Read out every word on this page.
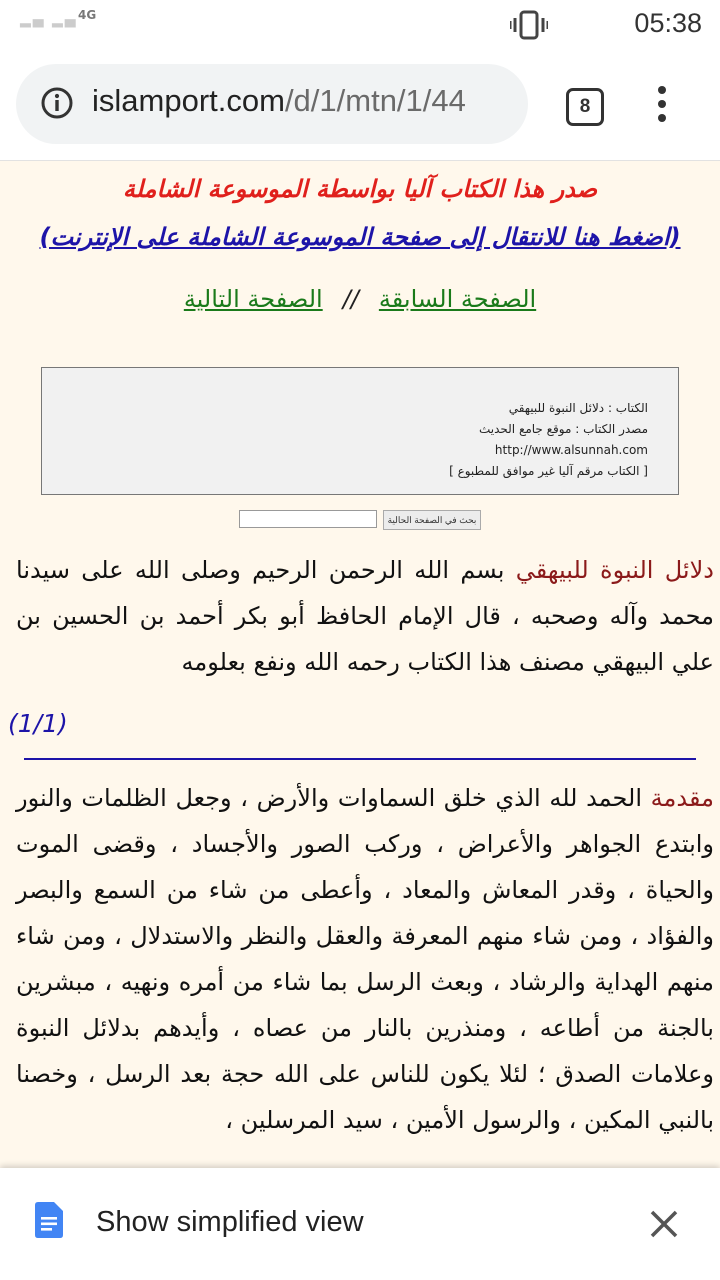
▂▄ ▂▄ 4G	05:38
islamport.com/d/1/mtn/1/44	8
صدر هذا الكتاب آليا بواسطة الموسوعة الشاملة
(اضغط هنا للانتقال إلى صفحة الموسوعة الشاملة على الإنترنت)
الصفحة السابقة//الصفحة التالية
الكتاب : دلائل النبوة للبيهقي
مصدر الكتاب : موقع جامع الحديث
http://www.alsunnah.com
[ الكتاب مرقم آليا غير موافق للمطبوع ]
بحث في الصفحة الحالية
دلائل النبوة للبيهقي بسم الله الرحمن الرحيم وصلى الله على سيدنا محمد وآله وصحبه ، قال الإمام الحافظ أبو بكر أحمد بن الحسين بن علي البيهقي مصنف هذا الكتاب رحمه الله ونفع بعلومه
(1/1)
مقدمة الحمد لله الذي خلق السماوات والأرض ، وجعل الظلمات والنور وابتدع الجواهر والأعراض ، وركب الصور والأجساد ، وقضى الموت والحياة ، وقدر المعاش والمعاد ، وأعطى من شاء من السمع والبصر والفؤاد ، ومن شاء منهم المعرفة والعقل والنظر والاستدلال ، ومن شاء منهم الهداية والرشاد ، وبعث الرسل بما شاء من أمره ونهيه ، مبشرين بالجنة من أطاعه ، ومنذرين بالنار من عصاه ، وأيدهم بدلائل النبوة وعلامات الصدق ؛ لئلا يكون للناس على الله حجة بعد الرسل ، وخصنا بالنبي المكين ، والرسول الأمين ، سيد المرسلين ،
Show simplified view
